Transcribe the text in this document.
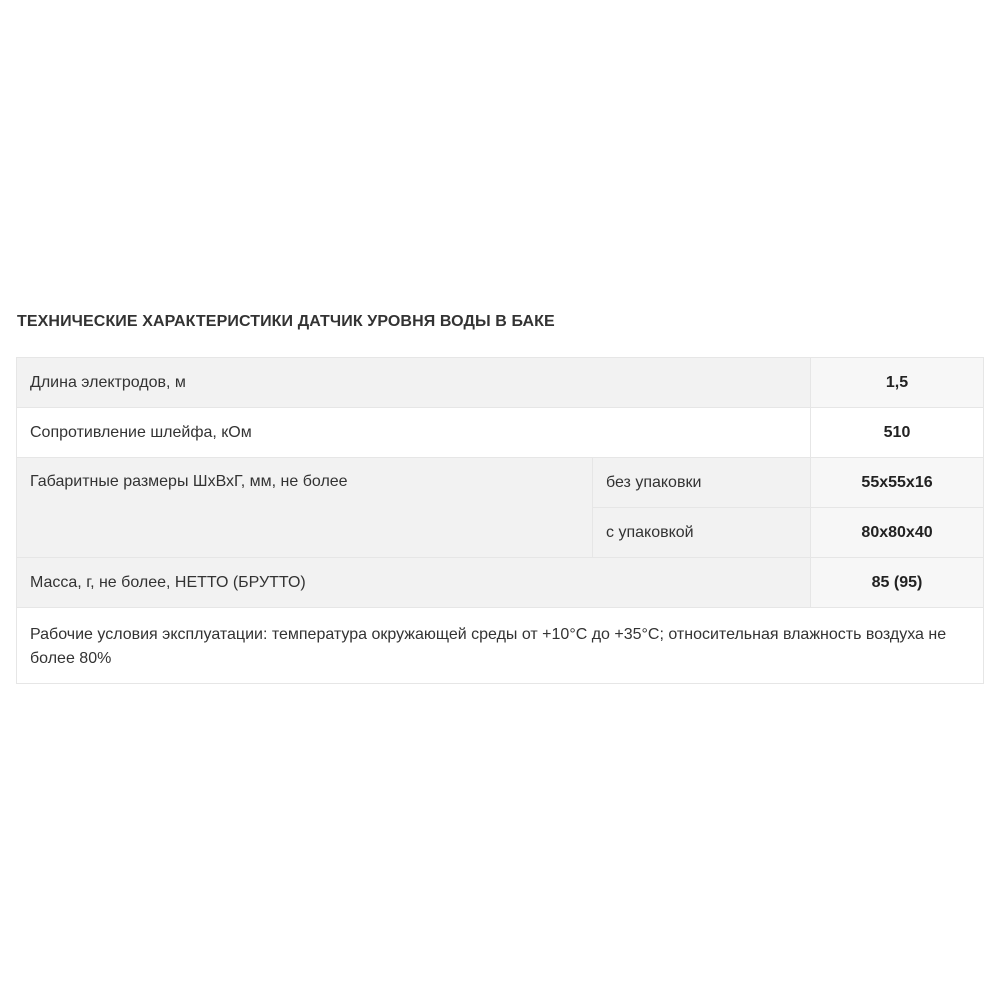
ТЕХНИЧЕСКИЕ ХАРАКТЕРИСТИКИ ДАТЧИК УРОВНЯ ВОДЫ В БАКЕ
Длина электродов, м		1,5
Сопротивление шлейфа, кОм		510
Габаритные размеры ШхВхГ, мм, не более	без упаковки	55x55x16
	с упаковкой	80x80x40
Масса, г, не более, НЕТТО (БРУТТО)		85 (95)
Рабочие условия эксплуатации: температура окружающей среды от +10°C до +35°C; относительная влажность воздуха не более 80%		
